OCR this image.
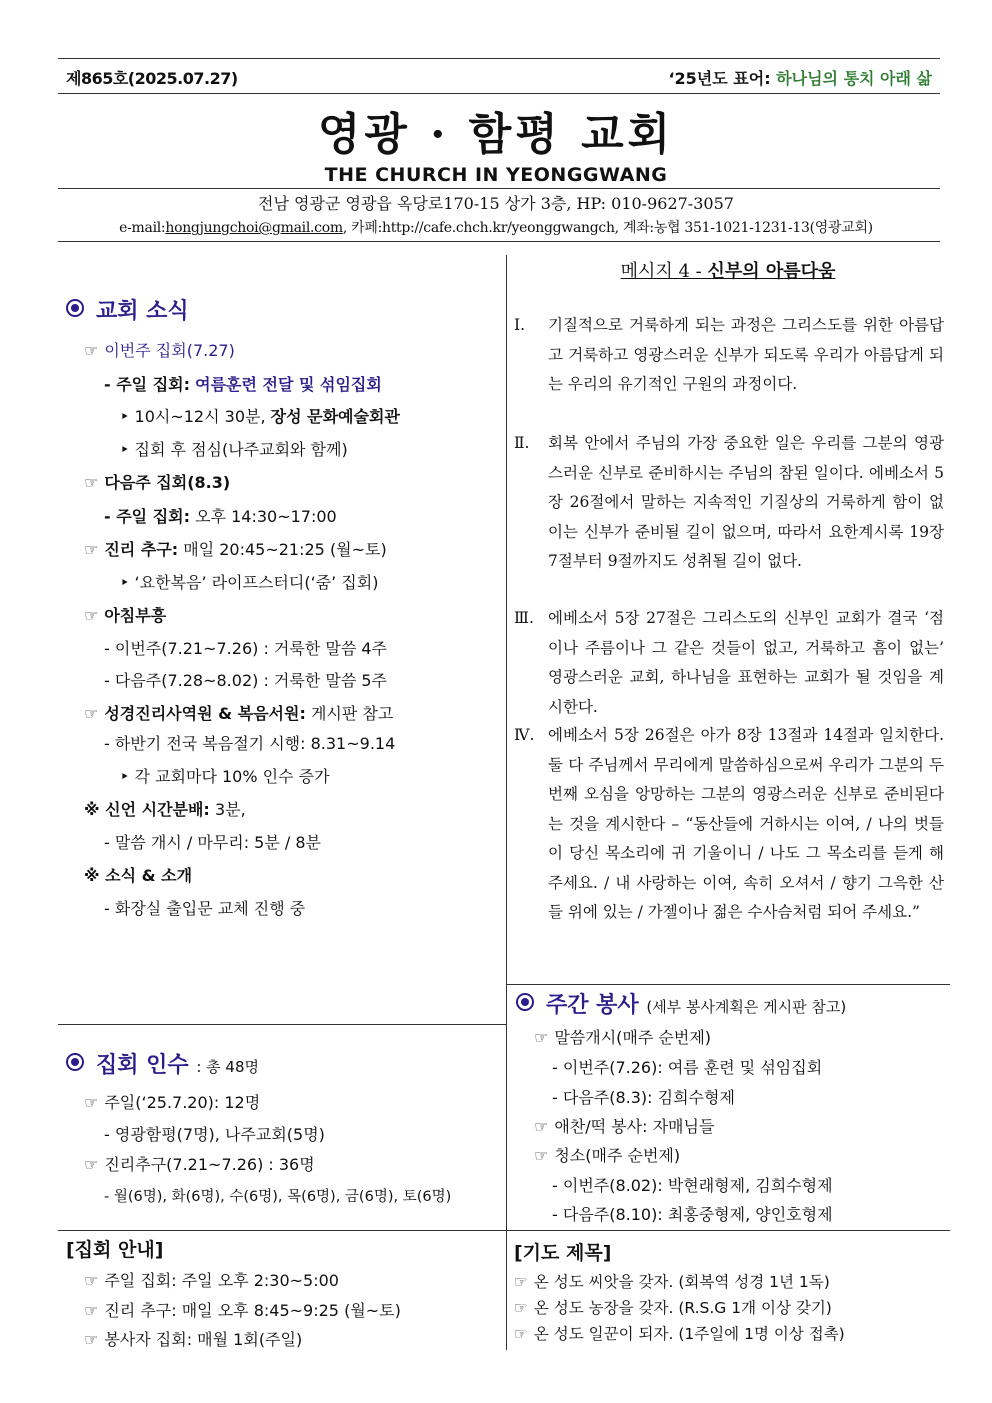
제865호(2025.07.27)	‘25년도 표어: 하나님의 통치 아래 삶
영광 · 함평 교회
THE CHURCH IN YEONGGWANG
전남 영광군 영광읍 옥당로170-15 상가 3층, HP: 010-9627-3057
e-mail:hongjungchoi@gmail.com, 카페:http://cafe.chch.kr/yeonggwangch, 계좌:농협 351-1021-1231-13(영광교회)
교회 소식
☞ 이번주 집회(7.27)
- 주일 집회: 여름훈련 전달 및 섞임집회
‣ 10시~12시 30분, 장성 문화예술회관
‣ 집회 후 점심(나주교회와 함께)
☞ 다음주 집회(8.3)
- 주일 집회: 오후 14:30~17:00
☞ 진리 추구: 매일 20:45~21:25 (월~토)
‣ ‘요한복음’ 라이프스터디(‘줌’ 집회)
☞ 아침부흥
- 이번주(7.21~7.26) : 거룩한 말씀 4주
- 다음주(7.28~8.02) : 거룩한 말씀 5주
☞ 성경진리사역원 & 복음서원: 게시판 참고
- 하반기 전국 복음절기 시행: 8.31~9.14
‣ 각 교회마다 10% 인수 증가
※ 신언 시간분배: 3분,
- 말씀 개시 / 마무리: 5분 / 8분
※ 소식 & 소개
- 화장실 출입문 교체 진행 중
메시지 4 - 신부의 아름다움
Ⅰ.	기질적으로 거룩하게 되는 과정은 그리스도를 위한 아름답고 거룩하고 영광스러운 신부가 되도록 우리가 아름답게 되는 우리의 유기적인 구원의 과정이다.
Ⅱ.	회복 안에서 주님의 가장 중요한 일은 우리를 그분의 영광스러운 신부로 준비하시는 주님의 참된 일이다. 에베소서 5장 26절에서 말하는 지속적인 기질상의 거룩하게 함이 없이는 신부가 준비될 길이 없으며, 따라서 요한계시록 19장 7절부터 9절까지도 성취될 길이 없다.
Ⅲ. 에베소서 5장 27절은 그리스도의 신부인 교회가 결국 ‘점이나 주름이나 그 같은 것들이 없고, 거룩하고 흠이 없는’ 영광스러운 교회, 하나님을 표현하는 교회가 될 것임을 계시한다.
Ⅳ. 에베소서 5장 26절은 아가 8장 13절과 14절과 일치한다. 둘 다 주님께서 무리에게 말씀하심으로써 우리가 그분의 두 번째 오심을 앙망하는 그분의 영광스러운 신부로 준비된다는 것을 계시한다 – “동산들에 거하시는 이여, / 나의 벗들이 당신 목소리에 귀 기울이니 / 나도 그 목소리를 듣게 해 주세요. / 내 사랑하는 이여, 속히 오셔서 / 향기 그윽한 산들 위에 있는 / 가젤이나 젊은 수사슴처럼 되어 주세요.”
주간 봉사 (세부 봉사계획은 게시판 참고)
☞ 말씀개시(매주 순번제)
- 이번주(7.26): 여름 훈련 및 섞임집회
- 다음주(8.3): 김희수형제
☞ 애찬/떡 봉사: 자매님들
☞ 청소(매주 순번제)
- 이번주(8.02): 박현래형제, 김희수형제
- 다음주(8.10): 최홍중형제, 양인호형제
집회 인수 : 총 48명
☞ 주일(‘25.7.20): 12명
- 영광함평(7명), 나주교회(5명)
☞ 진리추구(7.21~7.26) : 36명
- 월(6명), 화(6명), 수(6명), 목(6명), 금(6명), 토(6명)
[집회 안내]
☞ 주일 집회: 주일 오후 2:30~5:00
☞ 진리 추구: 매일 오후 8:45~9:25 (월~토)
☞ 봉사자 집회: 매월 1회(주일)
[기도 제목]
☞ 온 성도 씨앗을 갖자. (회복역 성경 1년 1독)
☞ 온 성도 농장을 갖자. (R.S.G 1개 이상 갖기)
☞ 온 성도 일꾼이 되자. (1주일에 1명 이상 접촉)
